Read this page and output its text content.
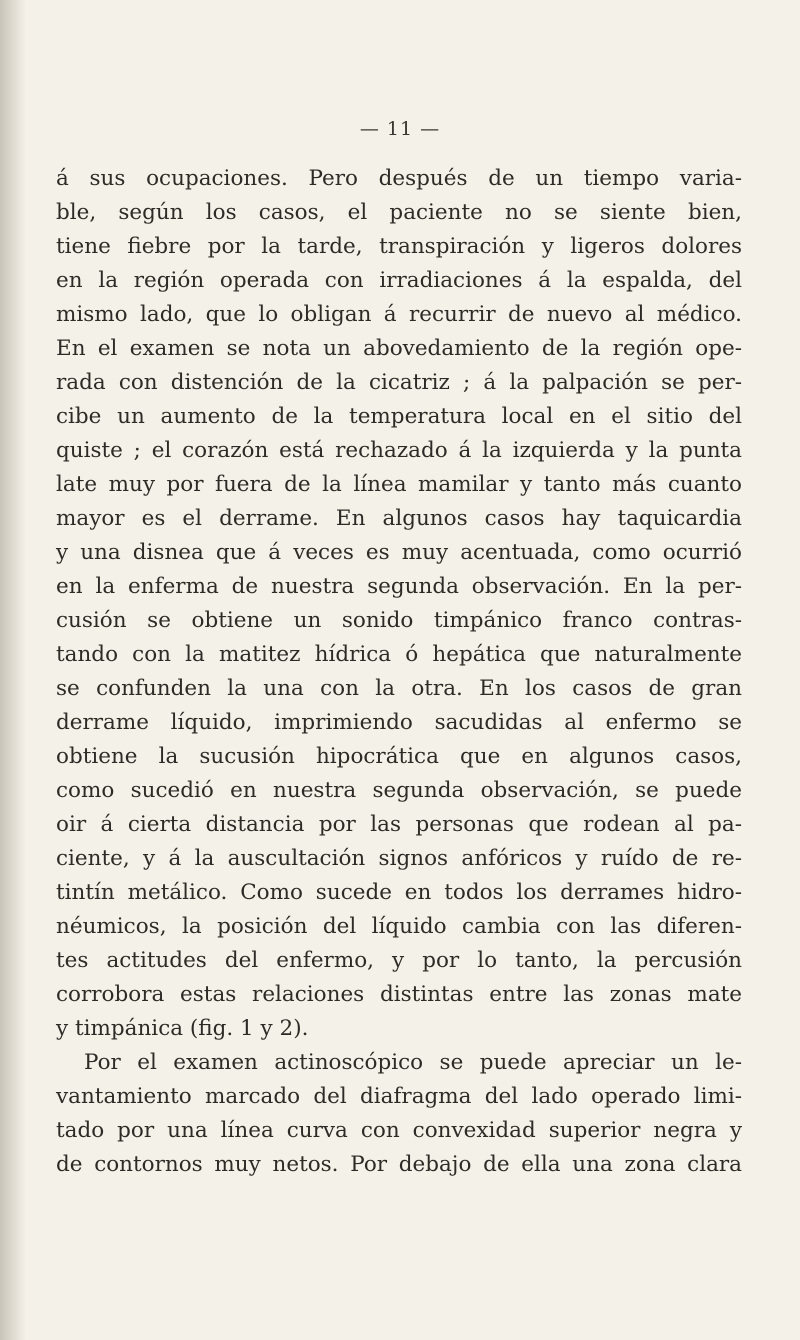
— 11 —
á sus ocupaciones. Pero después de un tiempo varia-
ble, según los casos, el paciente no se siente bien,
tiene fiebre por la tarde, transpiración y ligeros dolores
en la región operada con irradiaciones á la espalda, del
mismo lado, que lo obligan á recurrir de nuevo al médico.
En el examen se nota un abovedamiento de la región ope-
rada con distención de la cicatriz ; á la palpación se per-
cibe un aumento de la temperatura local en el sitio del
quiste ; el corazón está rechazado á la izquierda y la punta
late muy por fuera de la línea mamilar y tanto más cuanto
mayor es el derrame. En algunos casos hay taquicardia
y una disnea que á veces es muy acentuada, como ocurrió
en la enferma de nuestra segunda observación. En la per-
cusión se obtiene un sonido timpánico franco contras-
tando con la matitez hídrica ó hepática que naturalmente
se confunden la una con la otra. En los casos de gran
derrame líquido, imprimiendo sacudidas al enfermo se
obtiene la sucusión hipocrática que en algunos casos,
como sucedió en nuestra segunda observación, se puede
oir á cierta distancia por las personas que rodean al pa-
ciente, y á la auscultación signos anfóricos y ruído de re-
tintín metálico. Como sucede en todos los derrames hidro-
néumicos, la posición del líquido cambia con las diferen-
tes actitudes del enfermo, y por lo tanto, la percusión
corrobora estas relaciones distintas entre las zonas mate
y timpánica (fig. 1 y 2).
Por el examen actinoscópico se puede apreciar un le-
vantamiento marcado del diafragma del lado operado limi-
tado por una línea curva con convexidad superior negra y
de contornos muy netos. Por debajo de ella una zona clara
